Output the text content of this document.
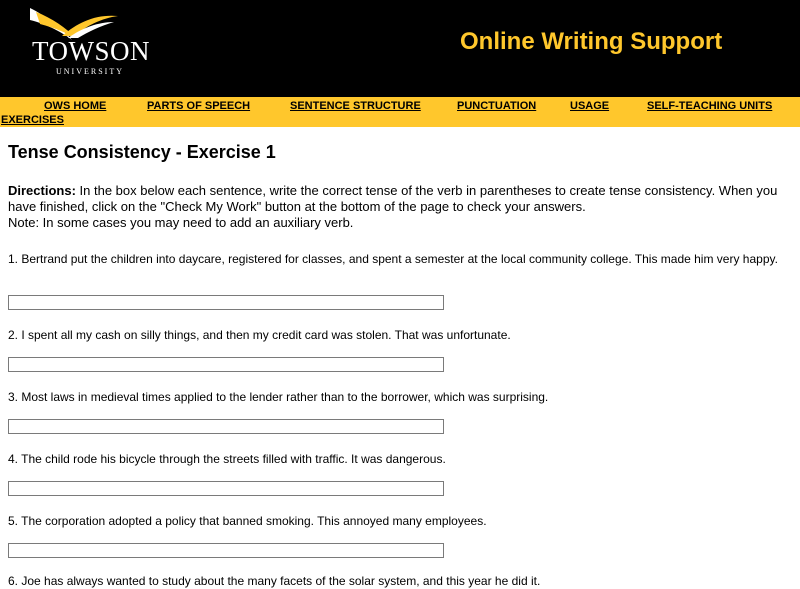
TOWSON
UNIVERSITY
Online Writing Support
OWS HOME	PARTS OF SPEECH	SENTENCE STRUCTURE	PUNCTUATION	USAGE	SELF-TEACHING UNITS
EXERCISES
Tense Consistency - Exercise 1
Directions: In the box below each sentence, write the correct tense of the verb in parentheses to create tense consistency. When you have finished, click on the "Check My Work" button at the bottom of the page to check your answers.
Note: In some cases you may need to add an auxiliary verb.
1. Bertrand put the children into daycare, registered for classes, and spent a semester at the local community college. This made him very happy.
2. I spent all my cash on silly things, and then my credit card was stolen. That was unfortunate.
3. Most laws in medieval times applied to the lender rather than to the borrower, which was surprising.
4. The child rode his bicycle through the streets filled with traffic. It was dangerous.
5. The corporation adopted a policy that banned smoking. This annoyed many employees.
6. Joe has always wanted to study about the many facets of the solar system, and this year he did it.
